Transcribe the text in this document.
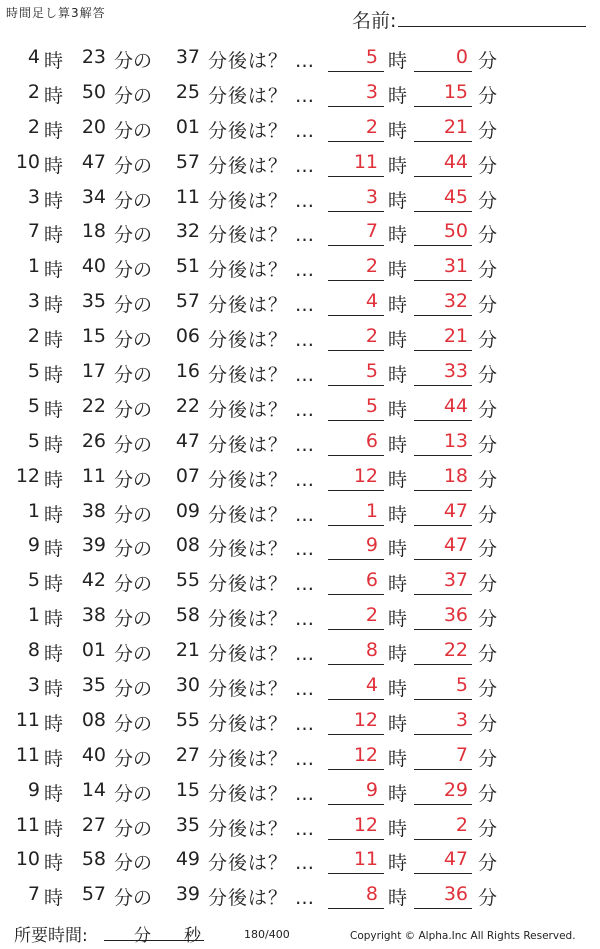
時間足し算3解答	名前:
4 時 23 分の	37 分後は？ …	5 時	0 分
2 時 50 分の	25 分後は？ …	3 時	15 分
2 時 20 分の	01 分後は？ …	2 時	21 分
10 時 47 分の	57 分後は？ …	11 時	44 分
3 時 34 分の	11 分後は？ …	3 時	45 分
7 時 18 分の	32 分後は？ …	7 時	50 分
1 時 40 分の	51 分後は？ …	2 時	31 分
3 時 35 分の	57 分後は？ …	4 時	32 分
2 時 15 分の	06 分後は？ …	2 時	21 分
5 時 17 分の	16 分後は？ …	5 時	33 分
5 時 22 分の	22 分後は？ …	5 時	44 分
5 時 26 分の	47 分後は？ …	6 時	13 分
12 時 11 分の	07 分後は？ …	12 時	18 分
1 時 38 分の	09 分後は？ …	1 時	47 分
9 時 39 分の	08 分後は？ …	9 時	47 分
5 時 42 分の	55 分後は？ …	6 時	37 分
1 時 38 分の	58 分後は？ …	2 時	36 分
8 時 01 分の	21 分後は？ …	8 時	22 分
3 時 35 分の	30 分後は？ …	4 時	5 分
11 時 08 分の	55 分後は？ …	12 時	3 分
11 時 40 分の	27 分後は？ …	12 時	7 分
9 時 14 分の	15 分後は？ …	9 時	29 分
11 時 27 分の	35 分後は？ …	12 時	2 分
10 時 58 分の	49 分後は？ …	11 時	47 分
7 時 57 分の	39 分後は？ …	8 時	36 分
所要時間:	分 秒	180/400	Copyright © Alpha.Inc All Rights Reserved.
